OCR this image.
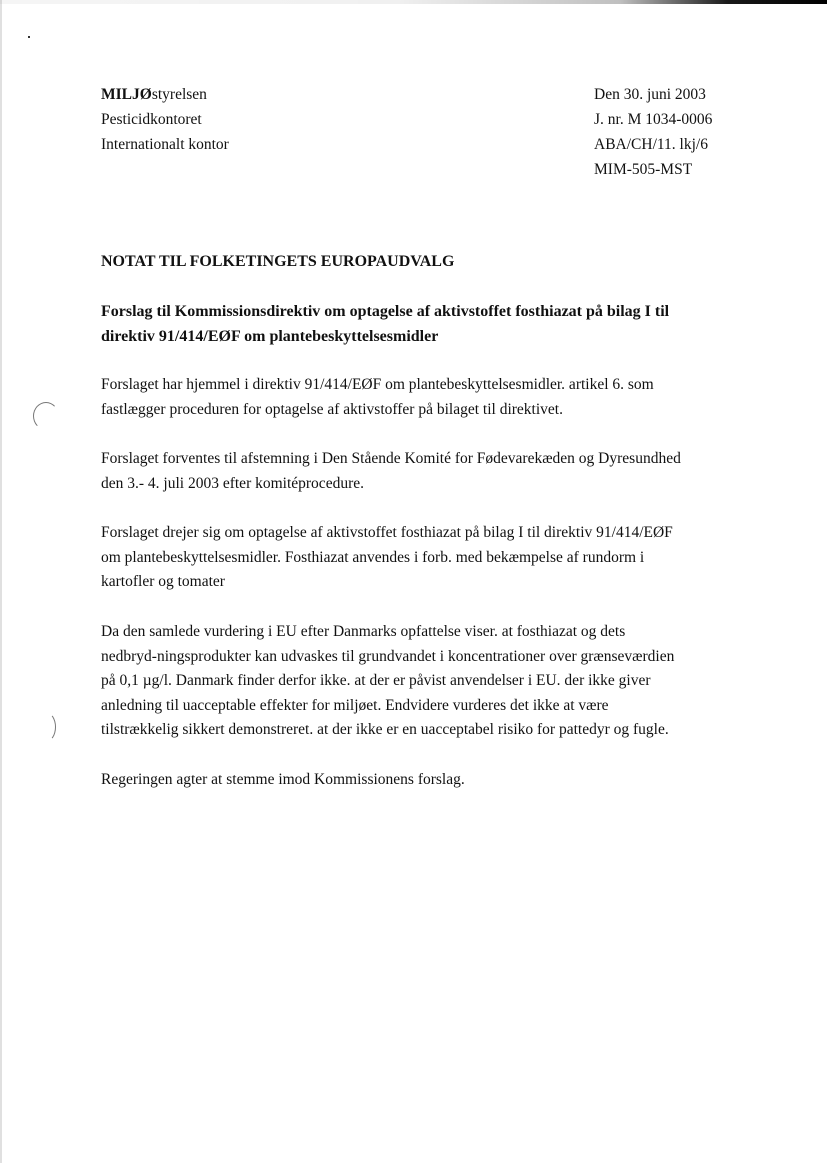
MILJØstyrelsen
Pesticidkontoret
Internationalt kontor
Den 30. juni 2003
J. nr. M 1034-0006
ABA/CH/11. lkj/6
MIM-505-MST
NOTAT TIL FOLKETINGETS EUROPAUDVALG
Forslag til Kommissionsdirektiv om optagelse af aktivstoffet fosthiazat på bilag I til
direktiv 91/414/EØF om plantebeskyttelsesmidler
Forslaget har hjemmel i direktiv 91/414/EØF om plantebeskyttelsesmidler. artikel 6. som
fastlægger proceduren for optagelse af aktivstoffer på bilaget til direktivet.
Forslaget forventes til afstemning i Den Stående Komité for Fødevarekæden og Dyresundhed
den 3.- 4. juli 2003 efter komitéprocedure.
Forslaget drejer sig om optagelse af aktivstoffet fosthiazat på bilag I til direktiv 91/414/EØF
om plantebeskyttelsesmidler. Fosthiazat anvendes i forb. med bekæmpelse af rundorm i
kartofler og tomater
Da den samlede vurdering i EU efter Danmarks opfattelse viser. at fosthiazat og dets
nedbryd-ningsprodukter kan udvaskes til grundvandet i koncentrationer over grænseværdien
på 0,1 µg/l. Danmark finder derfor ikke. at der er påvist anvendelser i EU. der ikke giver
anledning til uacceptable effekter for miljøet. Endvidere vurderes det ikke at være
tilstrækkelig sikkert demonstreret. at der ikke er en uacceptabel risiko for pattedyr og fugle.
Regeringen agter at stemme imod Kommissionens forslag.
